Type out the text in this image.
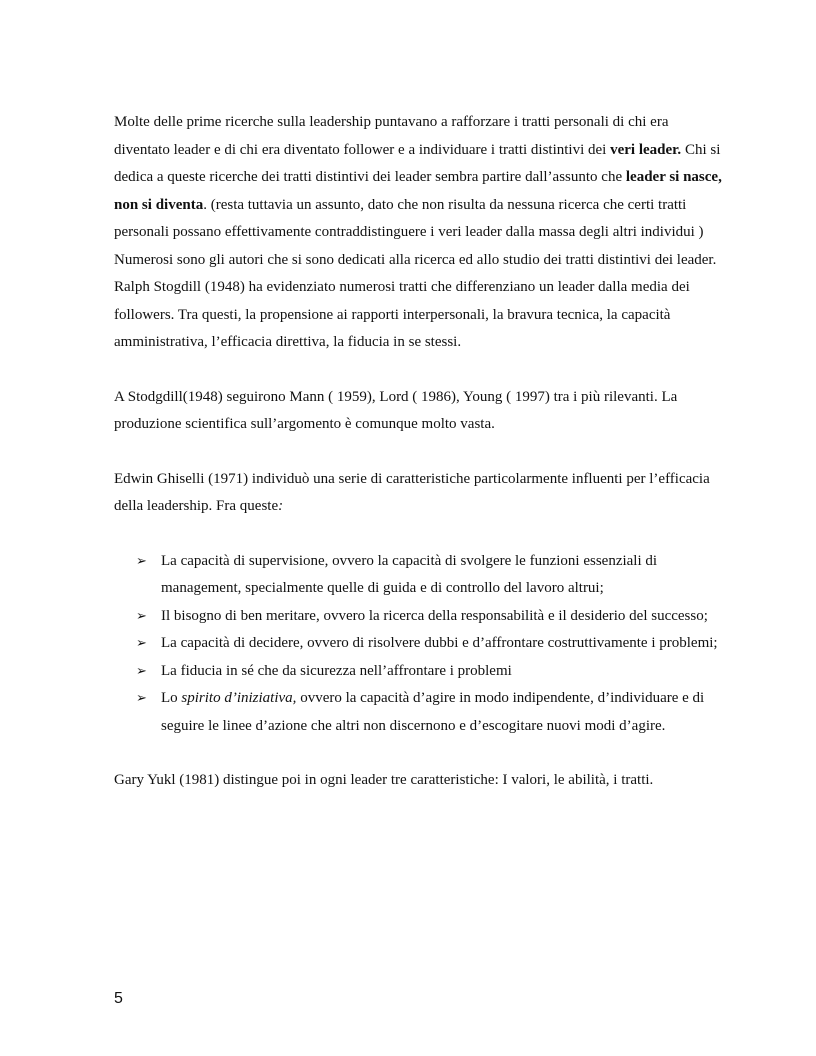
Molte delle prime ricerche sulla leadership puntavano a rafforzare i tratti personali di chi era diventato leader e di chi era diventato follower e a individuare i tratti distintivi dei veri leader. Chi si dedica a queste ricerche dei tratti distintivi dei leader sembra partire dall’assunto che leader si nasce, non si diventa. (resta tuttavia un assunto, dato che non risulta da nessuna ricerca che certi tratti personali possano effettivamente contraddistinguere i veri leader dalla massa degli altri individui )

Numerosi sono gli autori che si sono dedicati alla ricerca ed allo studio dei tratti distintivi dei leader.

Ralph Stogdill (1948) ha evidenziato numerosi tratti che differenziano un leader dalla media dei followers. Tra questi, la propensione ai rapporti interpersonali, la bravura tecnica, la capacità amministrativa, l’efficacia direttiva, la fiducia in se stessi.

A Stodgdill(1948) seguirono Mann ( 1959), Lord ( 1986), Young ( 1997) tra i più rilevanti. La produzione scientifica sull’argomento è comunque molto vasta.

Edwin Ghiselli (1971) individuò una serie di caratteristiche particolarmente influenti per l’efficacia della leadership. Fra queste:

➢ La capacità di supervisione, ovvero la capacità di svolgere le funzioni essenziali di management, specialmente quelle di guida e di controllo del lavoro altrui;
➢ Il bisogno di ben meritare, ovvero la ricerca della responsabilità e il desiderio del successo;
➢ La capacità di decidere, ovvero di risolvere dubbi e d’affrontare costruttivamente i problemi;
➢ La fiducia in sé che da sicurezza nell’affrontare i problemi
➢ Lo spirito d’iniziativa, ovvero la capacità d’agire in modo indipendente, d’individuare e di seguire le linee d’azione che altri non discernono e d’escogitare nuovi modi d’agire.

Gary Yukl (1981) distingue poi in ogni leader tre caratteristiche: I valori, le abilità, i tratti.

5
